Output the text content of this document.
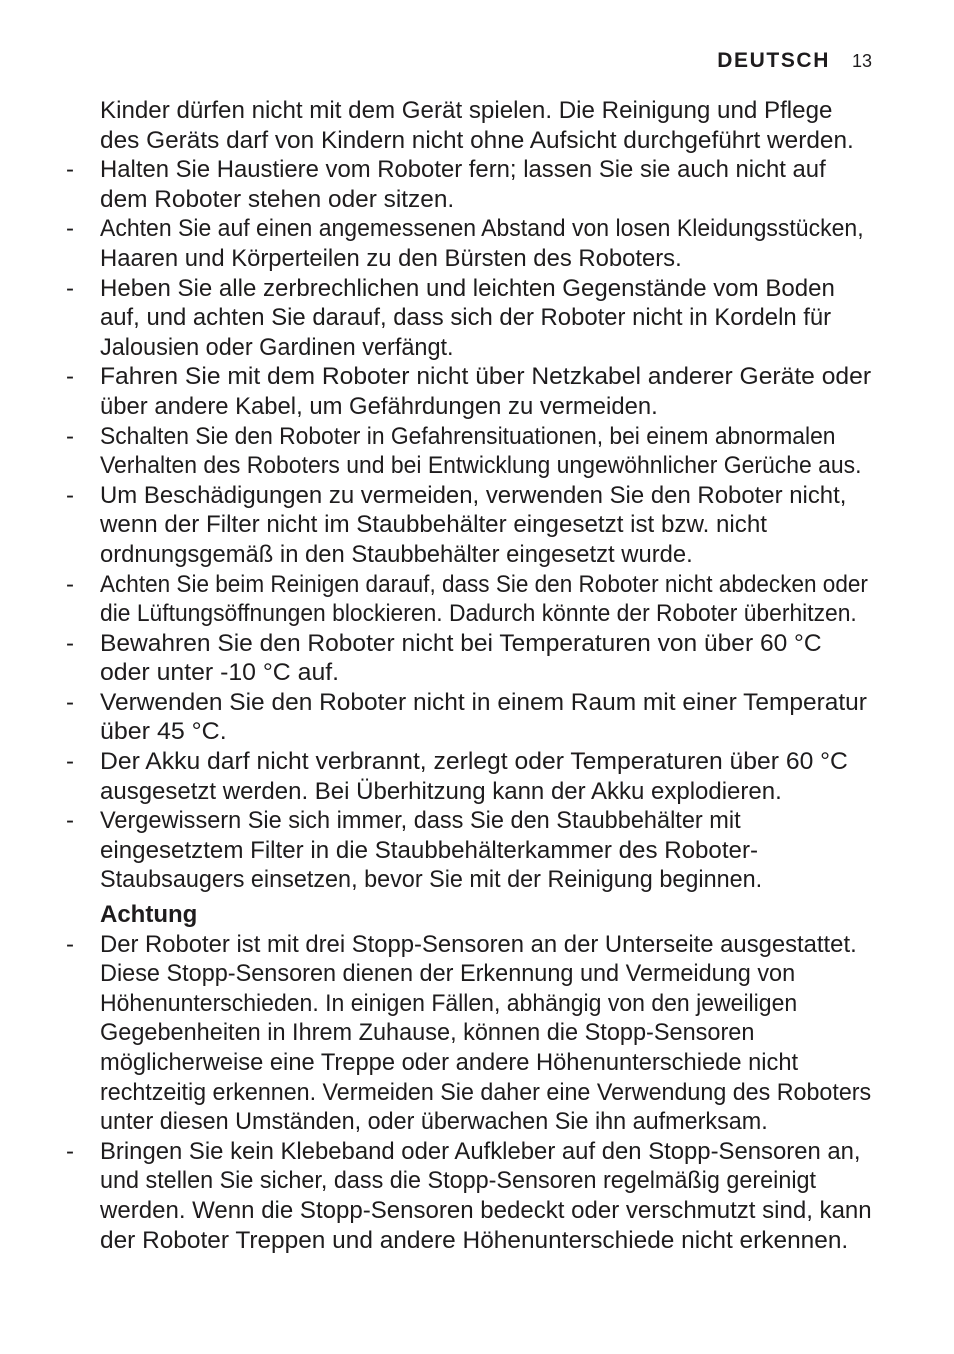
DEUTSCH 13
Kinder dürfen nicht mit dem Gerät spielen. Die Reinigung und Pflege
des Geräts darf von Kindern nicht ohne Aufsicht durchgeführt werden.
- Halten Sie Haustiere vom Roboter fern; lassen Sie sie auch nicht auf
dem Roboter stehen oder sitzen.
- Achten Sie auf einen angemessenen Abstand von losen Kleidungsstücken,
Haaren und Körperteilen zu den Bürsten des Roboters.
- Heben Sie alle zerbrechlichen und leichten Gegenstände vom Boden
auf, und achten Sie darauf, dass sich der Roboter nicht in Kordeln für
Jalousien oder Gardinen verfängt.
- Fahren Sie mit dem Roboter nicht über Netzkabel anderer Geräte oder
über andere Kabel, um Gefährdungen zu vermeiden.
- Schalten Sie den Roboter in Gefahrensituationen, bei einem abnormalen
Verhalten des Roboters und bei Entwicklung ungewöhnlicher Gerüche aus.
- Um Beschädigungen zu vermeiden, verwenden Sie den Roboter nicht,
wenn der Filter nicht im Staubbehälter eingesetzt ist bzw. nicht
ordnungsgemäß in den Staubbehälter eingesetzt wurde.
- Achten Sie beim Reinigen darauf, dass Sie den Roboter nicht abdecken oder
die Lüftungsöffnungen blockieren. Dadurch könnte der Roboter überhitzen.
- Bewahren Sie den Roboter nicht bei Temperaturen von über 60 °C
oder unter -10 °C auf.
- Verwenden Sie den Roboter nicht in einem Raum mit einer Temperatur
über 45 °C.
- Der Akku darf nicht verbrannt, zerlegt oder Temperaturen über 60 °C
ausgesetzt werden. Bei Überhitzung kann der Akku explodieren.
- Vergewissern Sie sich immer, dass Sie den Staubbehälter mit
eingesetztem Filter in die Staubbehälterkammer des Roboter-
Staubsaugers einsetzen, bevor Sie mit der Reinigung beginnen.
Achtung
- Der Roboter ist mit drei Stopp-Sensoren an der Unterseite ausgestattet.
Diese Stopp-Sensoren dienen der Erkennung und Vermeidung von
Höhenunterschieden. In einigen Fällen, abhängig von den jeweiligen
Gegebenheiten in Ihrem Zuhause, können die Stopp-Sensoren
möglicherweise eine Treppe oder andere Höhenunterschiede nicht
rechtzeitig erkennen. Vermeiden Sie daher eine Verwendung des Roboters
unter diesen Umständen, oder überwachen Sie ihn aufmerksam.
- Bringen Sie kein Klebeband oder Aufkleber auf den Stopp-Sensoren an,
und stellen Sie sicher, dass die Stopp-Sensoren regelmäßig gereinigt
werden. Wenn die Stopp-Sensoren bedeckt oder verschmutzt sind, kann
der Roboter Treppen und andere Höhenunterschiede nicht erkennen.
